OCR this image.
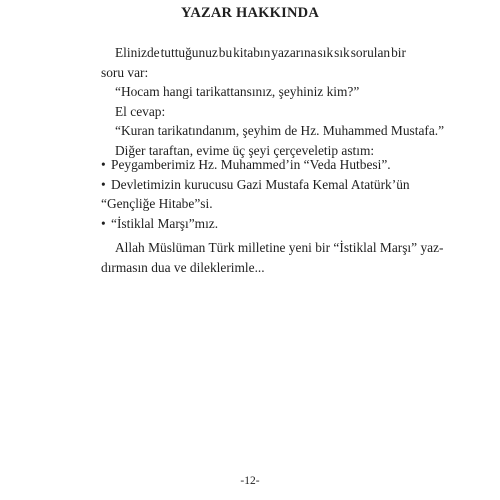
YAZAR HAKKINDA
Elinizde tuttuğunuz bu kitabın yazarına sık sık sorulan bir
soru var:
“Hocam hangi tarikattansınız, şeyhiniz kim?”
El cevap:
“Kuran tarikatındanım, şeyhim de Hz. Muhammed Mustafa.”
Diğer taraftan, evime üç şeyi çerçeveletip astım:
• Peygamberimiz Hz. Muhammed’in “Veda Hutbesi”.
• Devletimizin kurucusu Gazi Mustafa Kemal Atatürk’ün
“Gençliğe Hitabe”si.
• “İstiklal Marşı”mız.
Allah Müslüman Türk milletine yeni bir “İstiklal Marşı” yaz-
dırmasın dua ve dileklerimle...
-12-
